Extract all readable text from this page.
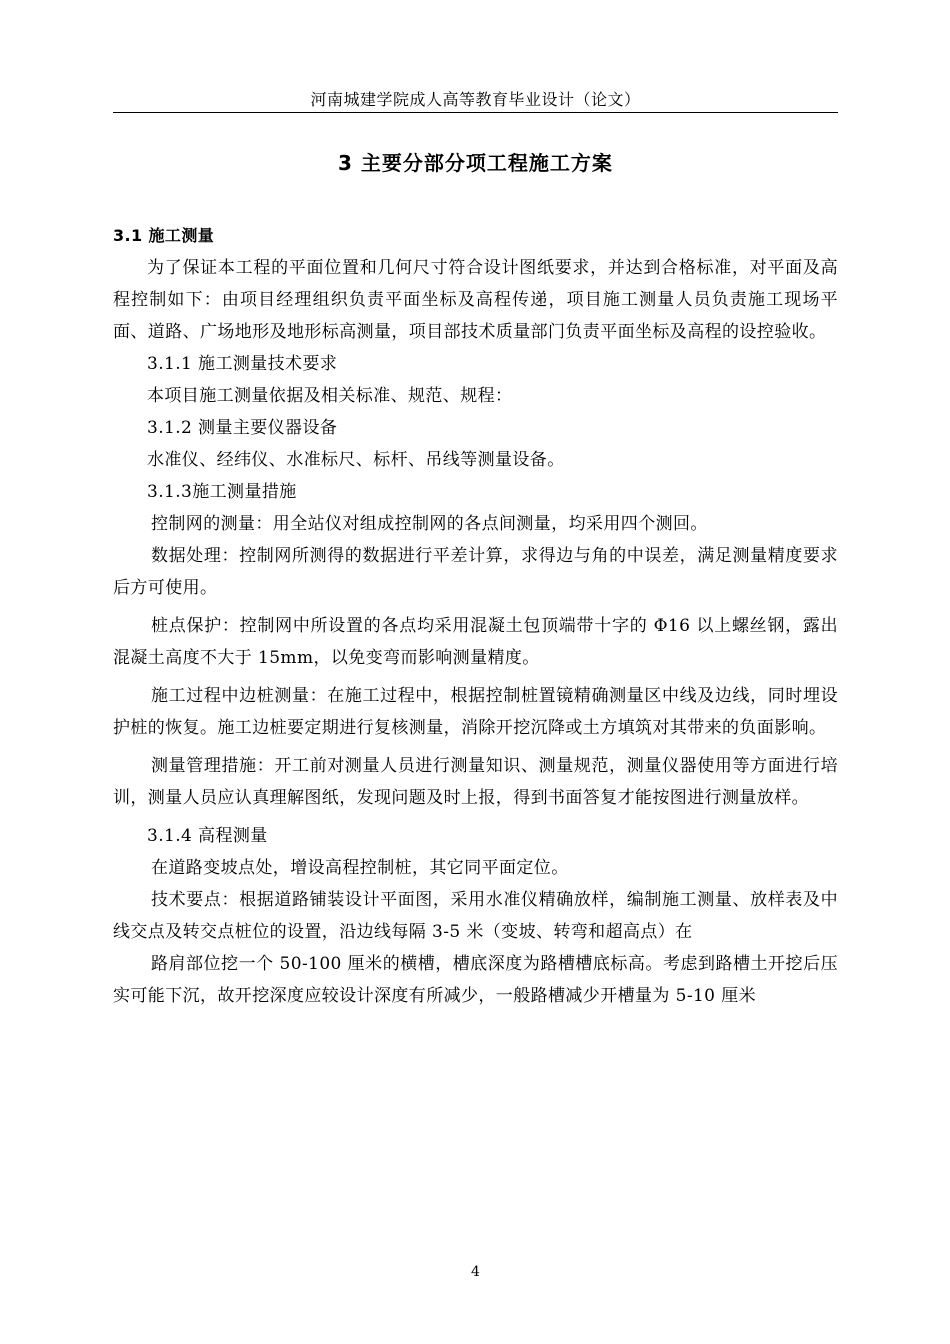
河南城建学院成人高等教育毕业设计（论文）
3 主要分部分项工程施工方案

3.1 施工测量

为了保证本工程的平面位置和几何尺寸符合设计图纸要求，并达到合格标准，对平面及高程控制如下：由项目经理组织负责平面坐标及高程传递，项目施工测量人员负责施工现场平面、道路、广场地形及地形标高测量，项目部技术质量部门负责平面坐标及高程的设控验收。

3.1.1 施工测量技术要求

本项目施工测量依据及相关标准、规范、规程：

3.1.2 测量主要仪器设备

水准仪、经纬仪、水准标尺、标杆、吊线等测量设备。

3.1.3施工测量措施

控制网的测量：用全站仪对组成控制网的各点间测量，均采用四个测回。

数据处理：控制网所测得的数据进行平差计算，求得边与角的中误差，满足测量精度要求后方可使用。

桩点保护：控制网中所设置的各点均采用混凝土包顶端带十字的 Φ16 以上螺丝钢，露出混凝土高度不大于 15mm，以免变弯而影响测量精度。

施工过程中边桩测量：在施工过程中，根据控制桩置镜精确测量区中线及边线，同时埋设护桩的恢复。施工边桩要定期进行复核测量，消除开挖沉降或土方填筑对其带来的负面影响。

测量管理措施：开工前对测量人员进行测量知识、测量规范，测量仪器使用等方面进行培训，测量人员应认真理解图纸，发现问题及时上报，得到书面答复才能按图进行测量放样。

3.1.4 高程测量

在道路变坡点处，增设高程控制桩，其它同平面定位。

技术要点：根据道路铺装设计平面图，采用水准仪精确放样，编制施工测量、放样表及中线交点及转交点桩位的设置，沿边线每隔 3-5 米（变坡、转弯和超高点）在

路肩部位挖一个 50-100 厘米的横槽，槽底深度为路槽槽底标高。考虑到路槽土开挖后压实可能下沉，故开挖深度应较设计深度有所减少，一般路槽减少开槽量为 5-10 厘米

4
